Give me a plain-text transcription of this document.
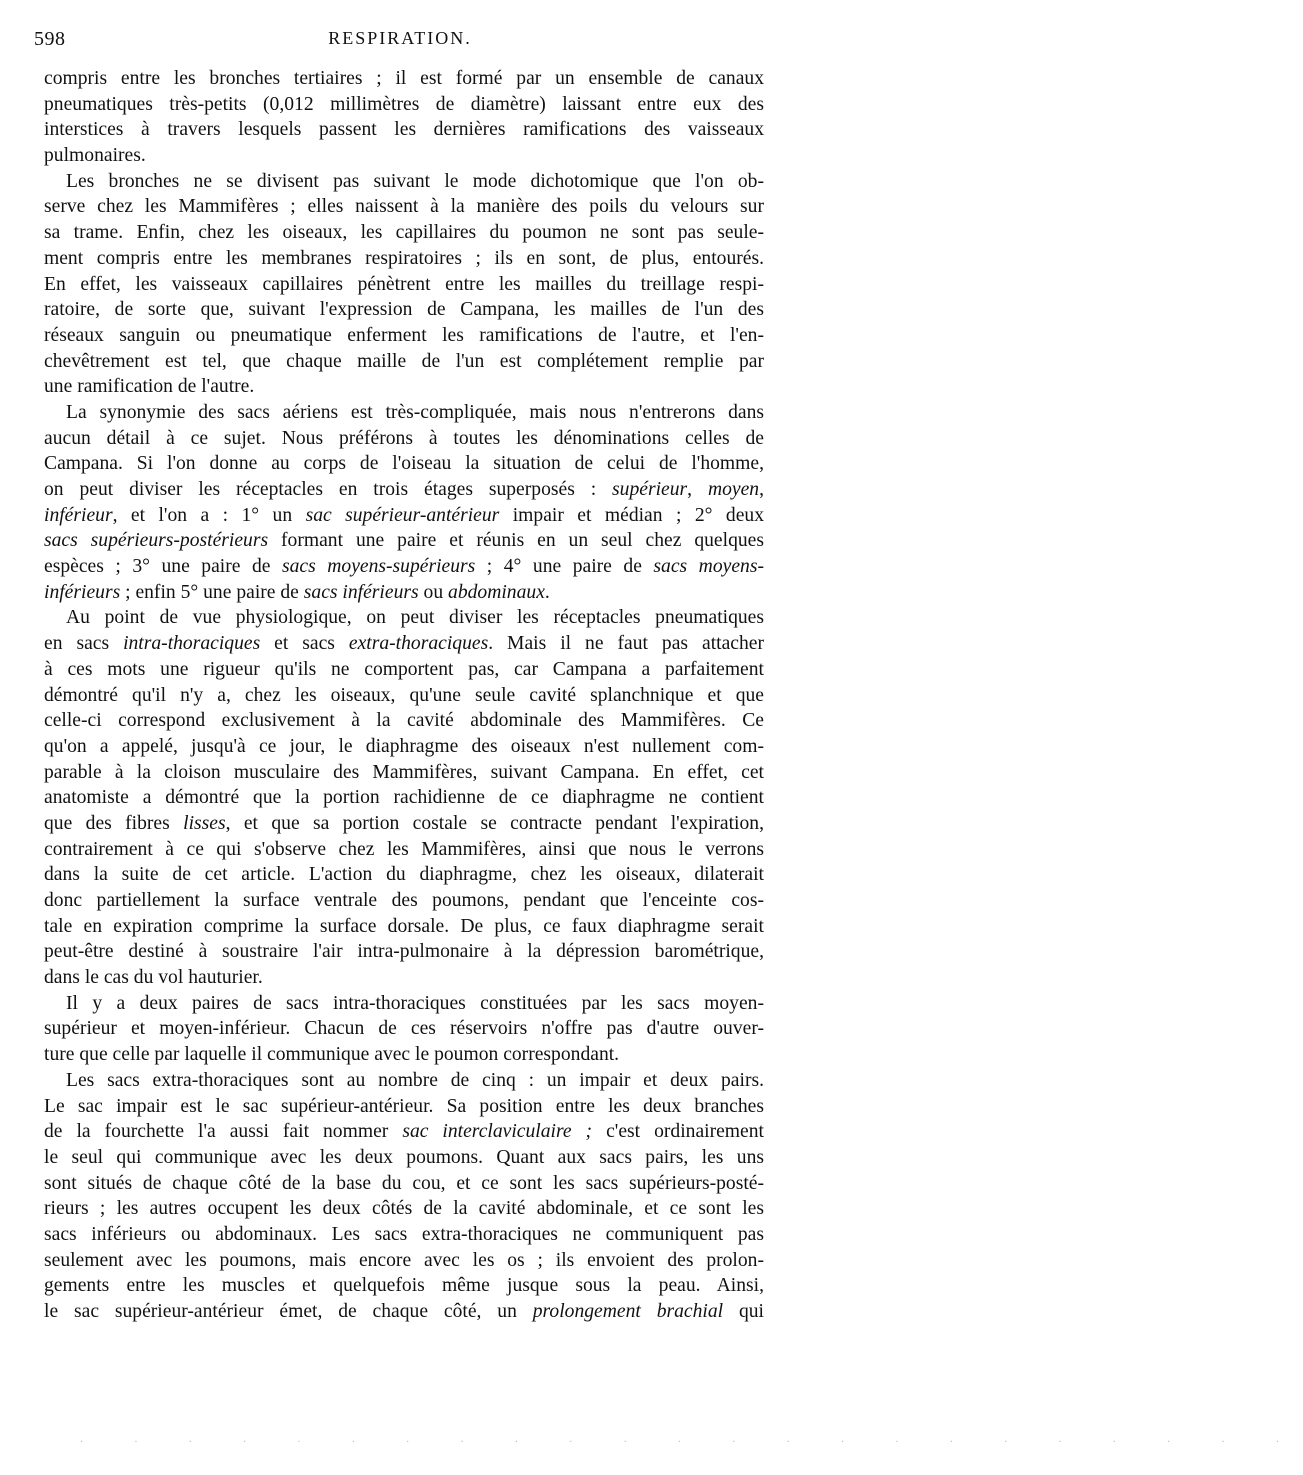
598	RESPIRATION.
compris entre les bronches tertiaires ; il est formé par un ensemble de canaux
pneumatiques très-petits (0,012 millimètres de diamètre) laissant entre eux des
interstices à travers lesquels passent les dernières ramifications des vaisseaux
pulmonaires.
Les bronches ne se divisent pas suivant le mode dichotomique que l'on ob-
serve chez les Mammifères ; elles naissent à la manière des poils du velours sur
sa trame. Enfin, chez les oiseaux, les capillaires du poumon ne sont pas seule-
ment compris entre les membranes respiratoires ; ils en sont, de plus, entourés.
En effet, les vaisseaux capillaires pénètrent entre les mailles du treillage respi-
ratoire, de sorte que, suivant l'expression de Campana, les mailles de l'un des
réseaux sanguin ou pneumatique enferment les ramifications de l'autre, et l'en-
chevêtrement est tel, que chaque maille de l'un est complétement remplie par
une ramification de l'autre.
La synonymie des sacs aériens est très-compliquée, mais nous n'entrerons dans
aucun détail à ce sujet. Nous préférons à toutes les dénominations celles de
Campana. Si l'on donne au corps de l'oiseau la situation de celui de l'homme,
on peut diviser les réceptacles en trois étages superposés : supérieur, moyen,
inférieur, et l'on a : 1° un sac supérieur-antérieur impair et médian ; 2° deux
sacs supérieurs-postérieurs formant une paire et réunis en un seul chez quelques
espèces ; 3° une paire de sacs moyens-supérieurs ; 4° une paire de sacs moyens-
inférieurs ; enfin 5° une paire de sacs inférieurs ou abdominaux.
Au point de vue physiologique, on peut diviser les réceptacles pneumatiques
en sacs intra-thoraciques et sacs extra-thoraciques. Mais il ne faut pas attacher
à ces mots une rigueur qu'ils ne comportent pas, car Campana a parfaitement
démontré qu'il n'y a, chez les oiseaux, qu'une seule cavité splanchnique et que
celle-ci correspond exclusivement à la cavité abdominale des Mammifères. Ce
qu'on a appelé, jusqu'à ce jour, le diaphragme des oiseaux n'est nullement com-
parable à la cloison musculaire des Mammifères, suivant Campana. En effet, cet
anatomiste a démontré que la portion rachidienne de ce diaphragme ne contient
que des fibres lisses, et que sa portion costale se contracte pendant l'expiration,
contrairement à ce qui s'observe chez les Mammifères, ainsi que nous le verrons
dans la suite de cet article. L'action du diaphragme, chez les oiseaux, dilaterait
donc partiellement la surface ventrale des poumons, pendant que l'enceinte cos-
tale en expiration comprime la surface dorsale. De plus, ce faux diaphragme serait
peut-être destiné à soustraire l'air intra-pulmonaire à la dépression barométrique,
dans le cas du vol hauturier.
Il y a deux paires de sacs intra-thoraciques constituées par les sacs moyen-
supérieur et moyen-inférieur. Chacun de ces réservoirs n'offre pas d'autre ouver-
ture que celle par laquelle il communique avec le poumon correspondant.
Les sacs extra-thoraciques sont au nombre de cinq : un impair et deux pairs.
Le sac impair est le sac supérieur-antérieur. Sa position entre les deux branches
de la fourchette l'a aussi fait nommer sac interclaviculaire ; c'est ordinairement
le seul qui communique avec les deux poumons. Quant aux sacs pairs, les uns
sont situés de chaque côté de la base du cou, et ce sont les sacs supérieurs-posté-
rieurs ; les autres occupent les deux côtés de la cavité abdominale, et ce sont les
sacs inférieurs ou abdominaux. Les sacs extra-thoraciques ne communiquent pas
seulement avec les poumons, mais encore avec les os ; ils envoient des prolon-
gements entre les muscles et quelquefois même jusque sous la peau. Ainsi,
le sac supérieur-antérieur émet, de chaque côté, un prolongement brachial qui
· · · · · · · · · · · · · · · · · · · · · · ·
